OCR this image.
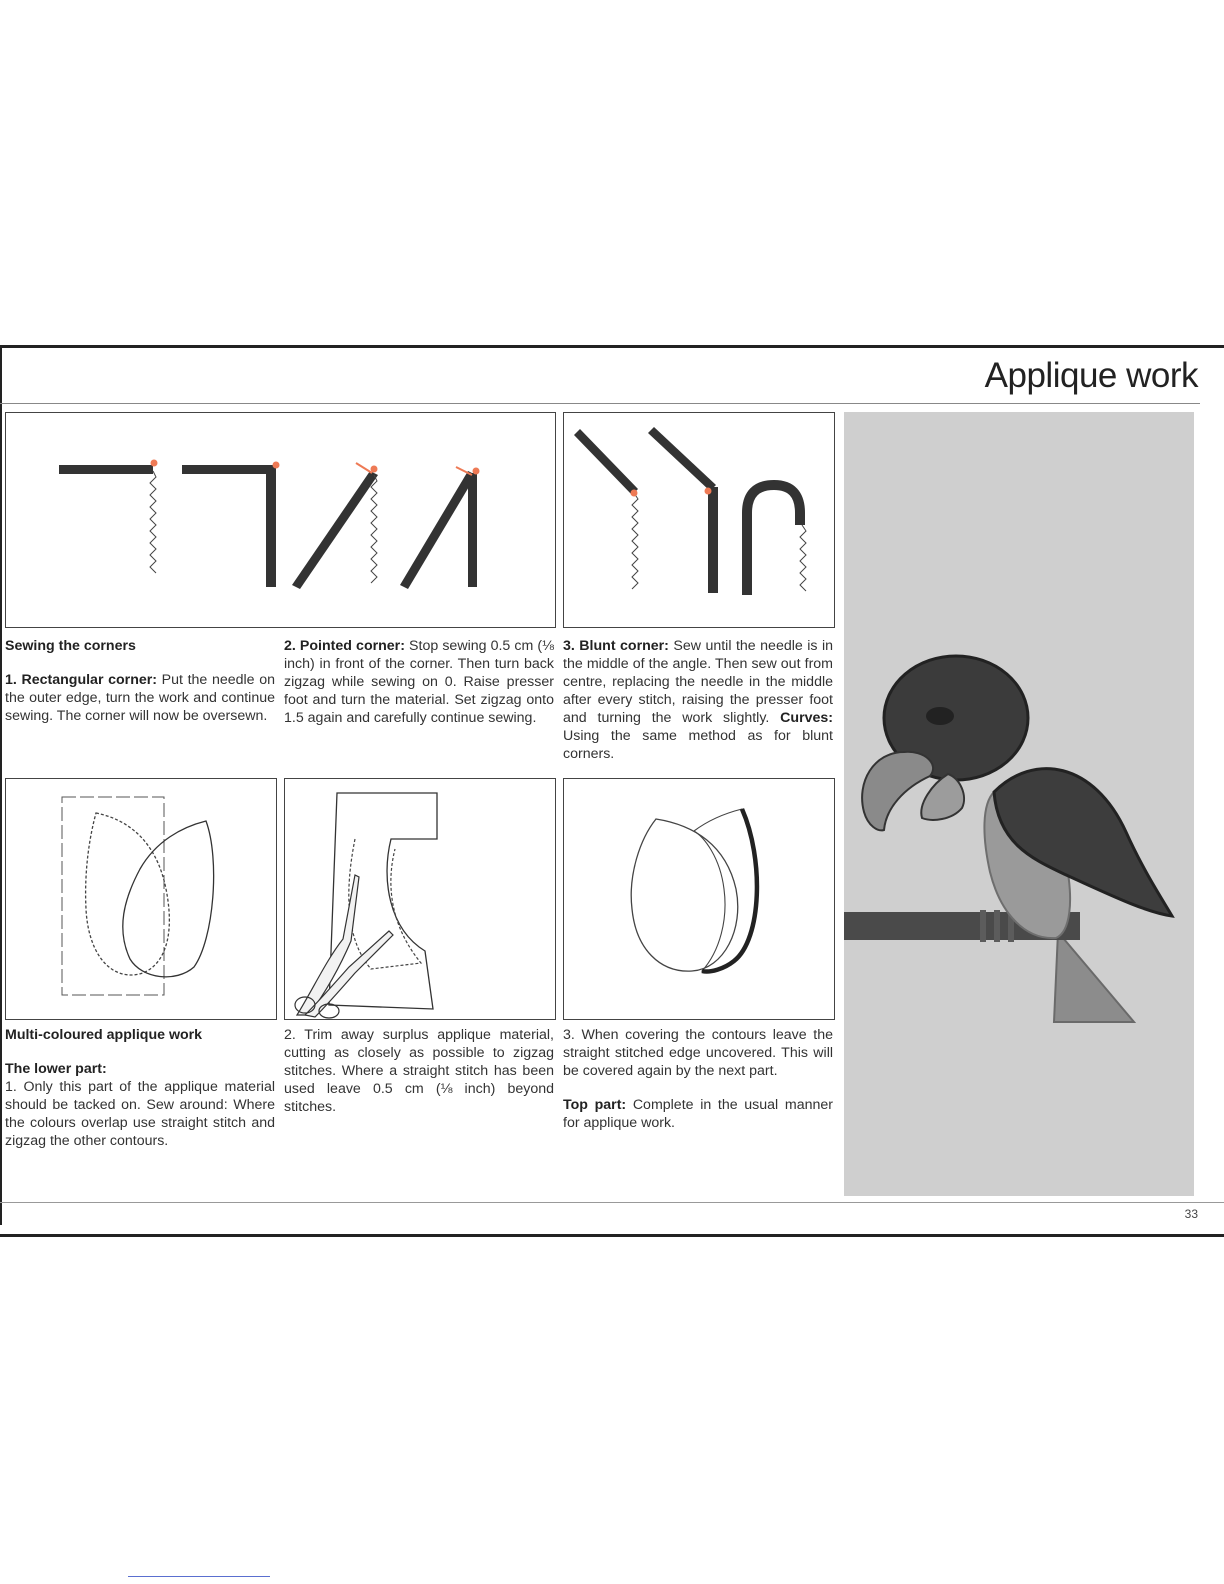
Applique work

Sewing the corners

1. Rectangular corner: Put the needle on the outer edge, turn the work and continue sewing. The corner will now be oversewn.

2. Pointed corner: Stop sewing 0.5 cm (⅛ inch) in front of the corner. Then turn back zigzag while sewing on 0. Raise presser foot and turn the material. Set zigzag onto 1.5 again and carefully continue sewing.

3. Blunt corner: Sew until the needle is in the middle of the angle. Then sew out from centre, replacing the needle in the middle after every stitch, raising the presser foot and turning the work slightly. Curves: Using the same method as for blunt corners.

Multi-coloured applique work

The lower part:

1. Only this part of the applique material should be tacked on. Sew around: Where the colours overlap use straight stitch and zigzag the other contours.

2. Trim away surplus applique material, cutting as closely as possible to zigzag stitches. Where a straight stitch has been used leave 0.5 cm (⅛ inch) beyond stitches.

3. When covering the contours leave the straight stitched edge uncovered. This will be covered again by the next part.

Top part: Complete in the usual manner for applique work.

33
